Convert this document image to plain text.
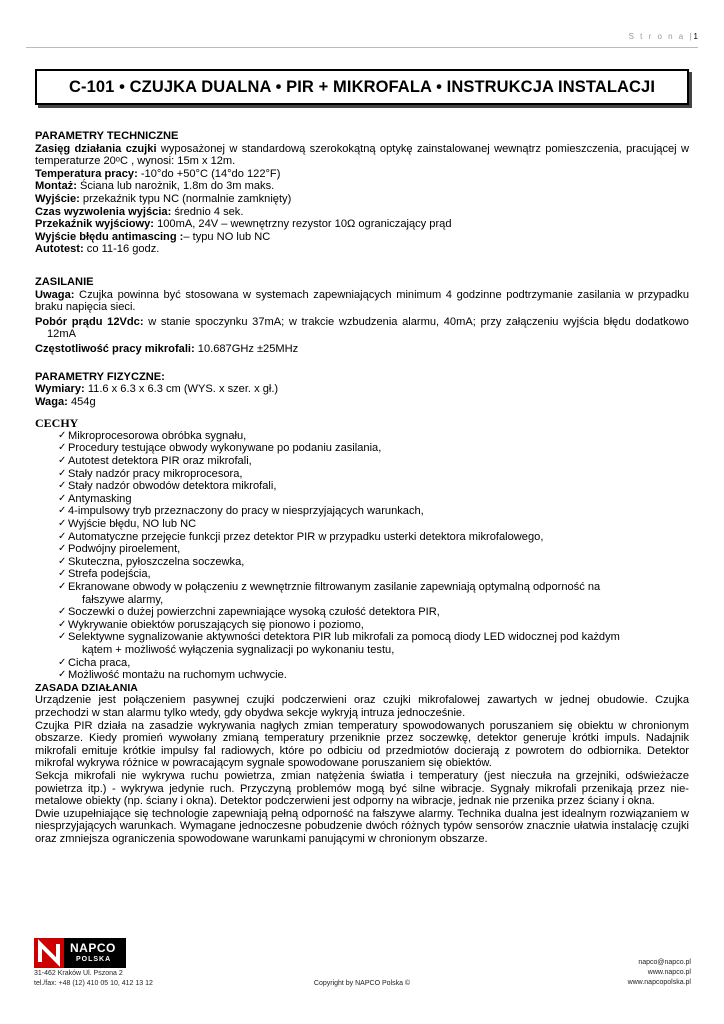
S t r o n a |1
C-101 • CZUJKA DUALNA • PIR + MIKROFALA • INSTRUKCJA INSTALACJI

PARAMETRY TECHNICZNE

Zasięg działania czujki wyposażonej w standardową szerokokątną optykę zainstalowanej wewnątrz pomieszczenia, pracującej w temperaturze 20ᵒC , wynosi: 15m x 12m.

Temperatura pracy: -10°do +50°C (14°do 122°F)

Montaż: Ściana lub narożnik, 1.8m do 3m maks.

Wyjście: przekaźnik typu NC (normalnie zamknięty)

Czas wyzwolenia wyjścia: średnio 4 sek.

Przekaźnik wyjściowy: 100mA, 24V – wewnętrzny rezystor 10Ω ograniczający prąd

Wyjście błędu antimascing :– typu NO lub NC

Autotest: co 11-16 godz.

ZASILANIE

Uwaga: Czujka powinna być stosowana w systemach zapewniających minimum 4 godzinne podtrzymanie zasilania w przypadku braku napięcia sieci.

Pobór prądu 12Vdc: w stanie spoczynku 37mA; w trakcie wzbudzenia alarmu, 40mA; przy załączeniu wyjścia błędu dodatkowo 12mA

Częstotliwość pracy mikrofali: 10.687GHz ±25MHz

PARAMETRY FIZYCZNE:

Wymiary: 11.6 x 6.3 x 6.3 cm (WYS. x szer. x gł.)

Waga: 454g

CECHY

✓ Mikroprocesorowa obróbka sygnału,
✓ Procedury testujące obwody wykonywane po podaniu zasilania,
✓ Autotest detektora PIR oraz mikrofali,
✓ Stały nadzór pracy mikroprocesora,
✓ Stały nadzór obwodów detektora mikrofali,
✓ Antymasking
✓ 4-impulsowy tryb przeznaczony do pracy w niesprzyjających warunkach,
✓ Wyjście błędu, NO lub NC
✓ Automatyczne przejęcie funkcji przez detektor PIR w przypadku usterki detektora mikrofalowego,
✓ Podwójny piroelement,
✓ Skuteczna, pyłoszczelna soczewka,
✓ Strefa podejścia,
✓ Ekranowane obwody w połączeniu z wewnętrznie filtrowanym zasilanie zapewniają optymalną odporność na
fałszywe alarmy,
✓ Soczewki o dużej powierzchni zapewniające wysoką czułość detektora PIR,
✓ Wykrywanie obiektów poruszających się pionowo i poziomo,
✓ Selektywne sygnalizowanie aktywności detektora PIR lub mikrofali za pomocą diody LED widocznej pod każdym
kątem + możliwość wyłączenia sygnalizacji po wykonaniu testu,
✓ Cicha praca,
✓ Możliwość montażu na ruchomym uchwycie.

ZASADA DZIAŁANIA

Urządzenie jest połączeniem pasywnej czujki podczerwieni oraz czujki mikrofalowej zawartych w jednej obudowie. Czujka przechodzi w stan alarmu tylko wtedy, gdy obydwa sekcje wykryją intruza jednocześnie.

Czujka PIR działa na zasadzie wykrywania nagłych zmian temperatury spowodowanych poruszaniem się obiektu w chronionym obszarze. Kiedy promień wywołany zmianą temperatury przeniknie przez soczewkę, detektor generuje krótki impuls. Nadajnik mikrofali emituje krótkie impulsy fal radiowych, które po odbiciu od przedmiotów docierają z powrotem do odbiornika. Detektor mikrofal wykrywa różnice w powracającym sygnale spowodowane poruszaniem się obiektów.

Sekcja mikrofali nie wykrywa ruchu powietrza, zmian natężenia światła i temperatury (jest nieczuła na grzejniki, odświeżacze powietrza itp.) - wykrywa jedynie ruch. Przyczyną problemów mogą być silne wibracje. Sygnały mikrofali przenikają przez nie-metalowe obiekty (np. ściany i okna). Detektor podczerwieni jest odporny na wibracje, jednak nie przenika przez ściany i okna.

Dwie uzupełniające się technologie zapewniają pełną odporność na fałszywe alarmy. Technika dualna jest idealnym rozwiązaniem w niesprzyjających warunkach. Wymagane jednoczesne pobudzenie dwóch różnych typów sensorów znacznie ułatwia instalację czujki oraz zmniejsza ograniczenia spowodowane warunkami panującymi w chronionym obszarze.

NAPCO
POLSKA
31-462 Kraków Ul. Pszona 2
tel./fax: +48 (12) 410 05 10, 412 13 12	Copyright by NAPCO Polska ©
napco@napco.pl
www.napco.pl
www.napcopolska.pl
